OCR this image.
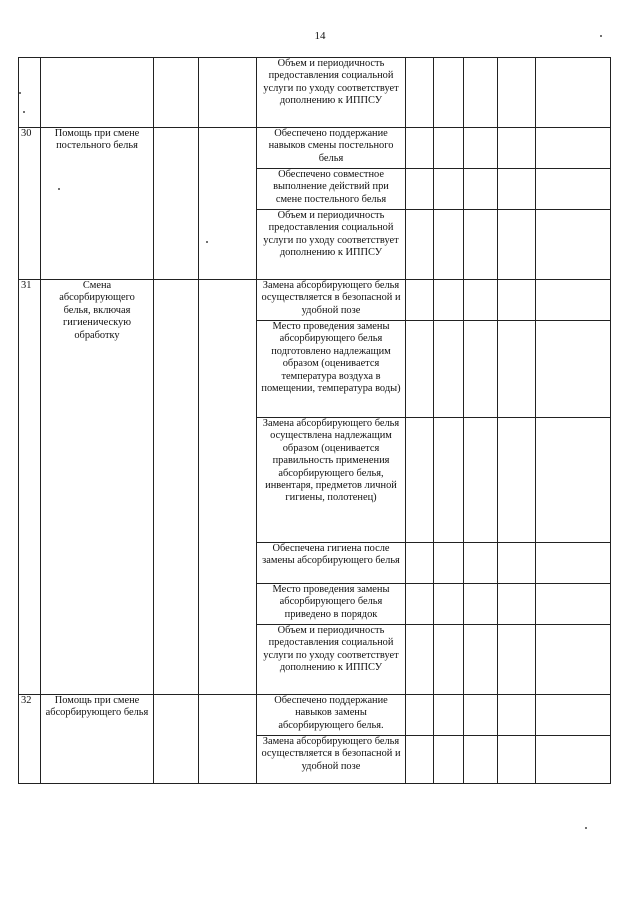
14
				Объем и периодичность предоставления социальной услуги по уходу соответствует дополнению к ИППСУ					
30	Помощь при смене постельного белья			Обеспечено поддержание навыков смены постельного белья					
				Обеспечено совместное выполнение действий при смене постельного белья					
				Объем и периодичность предоставления социальной услуги по уходу соответствует дополнению к ИППСУ					
31	Смена абсорбирующего белья, включая гигиеническую обработку			Замена абсорбирующего белья осуществляется в безопасной и удобной позе					
				Место проведения замены абсорбирующего белья подготовлено надлежащим образом (оценивается температура воздуха в помещении, температура воды)					
				Замена абсорбирующего белья осуществлена надлежащим образом (оценивается правильность применения абсорбирующего белья, инвентаря, предметов личной гигиены, полотенец)					
				Обеспечена гигиена после замены абсорбирующего белья					
				Место проведения замены абсорбирующего белья приведено в порядок					
				Объем и периодичность предоставления социальной услуги по уходу соответствует дополнению к ИППСУ					
32	Помощь при смене абсорбирующего белья			Обеспечено поддержание навыков замены абсорбирующего белья.					
				Замена абсорбирующего белья осуществляется в безопасной и удобной позе					
